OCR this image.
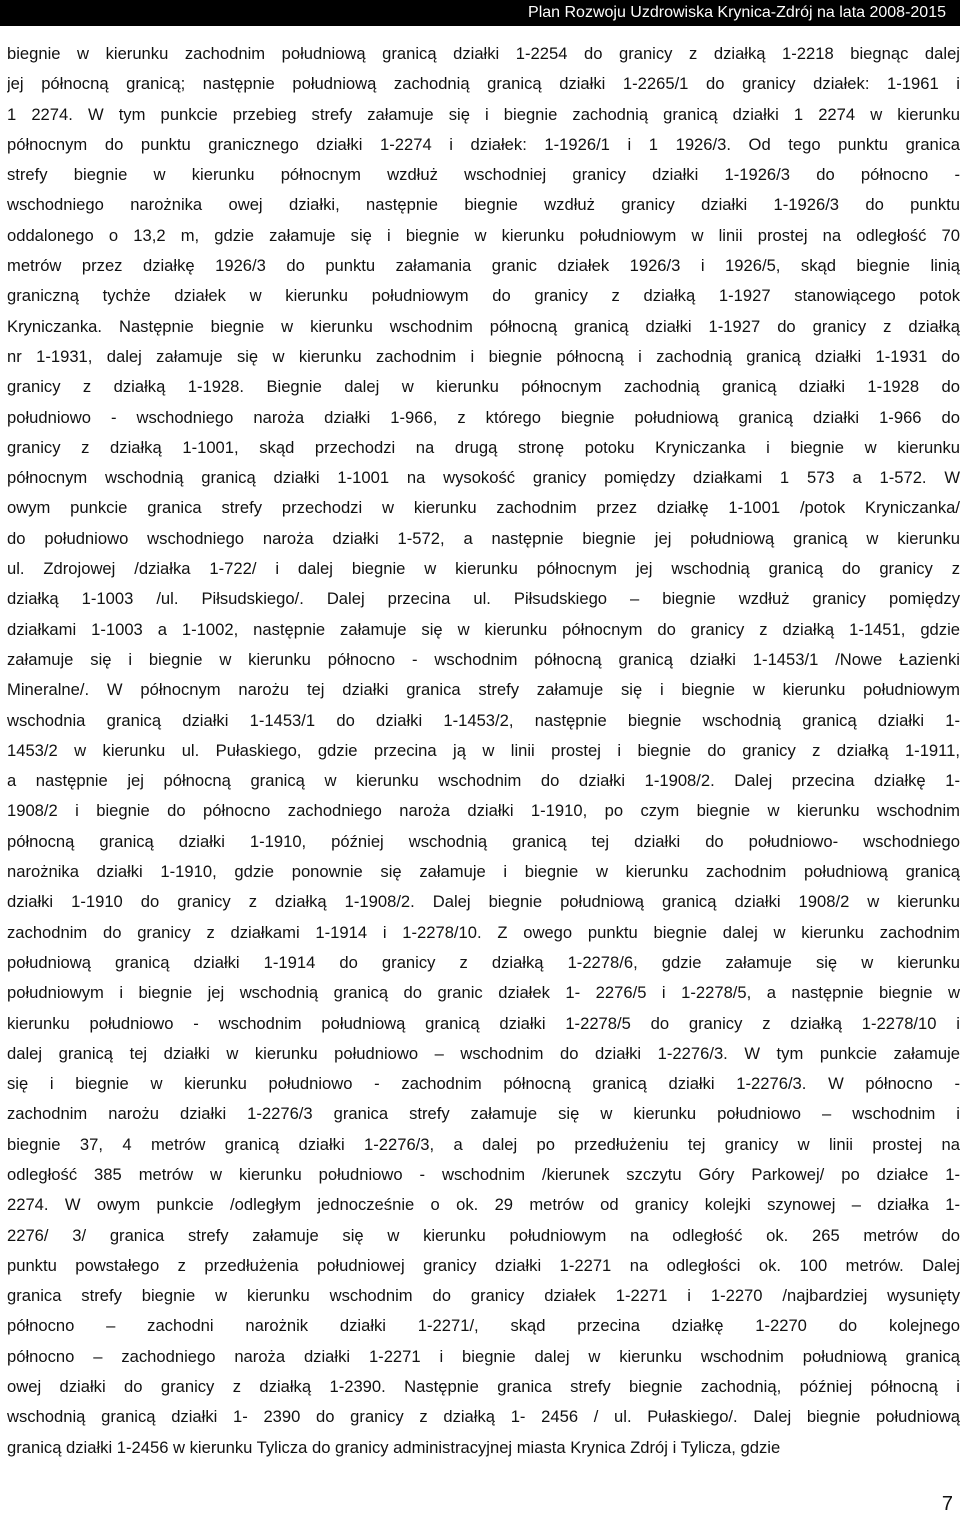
Plan Rozwoju Uzdrowiska Krynica-Zdrój na lata 2008-2015
biegnie w kierunku zachodnim południową granicą działki 1-2254 do granicy z działką 1-2218 biegnąc dalej
jej północną granicą; następnie południową zachodnią granicą działki 1-2265/1 do granicy działek: 1-1961 i
1 2274. W tym punkcie przebieg strefy załamuje się i biegnie zachodnią granicą działki 1 2274 w kierunku
północnym do punktu granicznego działki 1-2274 i działek: 1-1926/1 i 1 1926/3. Od tego punktu granica
strefy biegnie w kierunku północnym wzdłuż wschodniej granicy działki 1-1926/3 do północno -
wschodniego narożnika owej działki, następnie biegnie wzdłuż granicy działki 1-1926/3 do punktu
oddalonego o 13,2 m, gdzie załamuje się i biegnie w kierunku południowym w linii prostej na odległość 70
metrów przez działkę 1926/3 do punktu załamania granic działek 1926/3 i 1926/5, skąd biegnie linią
graniczną tychże działek w kierunku południowym do granicy z działką 1-1927 stanowiącego potok
Kryniczanka. Następnie biegnie w kierunku wschodnim północną granicą działki 1-1927 do granicy z działką
nr 1-1931, dalej załamuje się w kierunku zachodnim i biegnie północną i zachodnią granicą działki 1-1931 do
granicy z działką 1-1928. Biegnie dalej w kierunku północnym zachodnią granicą działki 1-1928 do
południowo - wschodniego naroża działki 1-966, z którego biegnie południową granicą działki 1-966 do
granicy z działką 1-1001, skąd przechodzi na drugą stronę potoku Kryniczanka i biegnie w kierunku
północnym wschodnią granicą działki 1-1001 na wysokość granicy pomiędzy działkami 1 573 a 1-572. W
owym punkcie granica strefy przechodzi w kierunku zachodnim przez działkę 1-1001 /potok Kryniczanka/
do południowo wschodniego naroża działki 1-572, a następnie biegnie jej południową granicą w kierunku
ul. Zdrojowej /działka 1-722/ i dalej biegnie w kierunku północnym jej wschodnią granicą do granicy z
działką 1-1003 /ul. Piłsudskiego/. Dalej przecina ul. Piłsudskiego – biegnie wzdłuż granicy pomiędzy
działkami 1-1003 a 1-1002, następnie załamuje się w kierunku północnym do granicy z działką 1-1451, gdzie
załamuje się i biegnie w kierunku północno - wschodnim północną granicą działki 1-1453/1 /Nowe Łazienki
Mineralne/. W północnym narożu tej działki granica strefy załamuje się i biegnie w kierunku południowym
wschodnia granicą działki 1-1453/1 do działki 1-1453/2, następnie biegnie wschodnią granicą działki 1-
1453/2 w kierunku ul. Pułaskiego, gdzie przecina ją w linii prostej i biegnie do granicy z działką 1-1911,
a następnie jej północną granicą w kierunku wschodnim do działki 1-1908/2. Dalej przecina działkę 1-
1908/2 i biegnie do północno zachodniego naroża działki 1-1910, po czym biegnie w kierunku wschodnim
północną granicą działki 1-1910, później wschodnią granicą tej działki do południowo- wschodniego
narożnika działki 1-1910, gdzie ponownie się załamuje i biegnie w kierunku zachodnim południową granicą
działki 1-1910 do granicy z działką 1-1908/2. Dalej biegnie południową granicą działki 1908/2 w kierunku
zachodnim do granicy z działkami 1-1914 i 1-2278/10. Z owego punktu biegnie dalej w kierunku zachodnim
południową granicą działki 1-1914 do granicy z działką 1-2278/6, gdzie załamuje się w kierunku
południowym i biegnie jej wschodnią granicą do granic działek 1- 2276/5 i 1-2278/5, a następnie biegnie w
kierunku południowo - wschodnim południową granicą działki 1-2278/5 do granicy z działką 1-2278/10 i
dalej granicą tej działki w kierunku południowo – wschodnim do działki 1-2276/3. W tym punkcie załamuje
się i biegnie w kierunku południowo - zachodnim północną granicą działki 1-2276/3. W północno -
zachodnim narożu działki 1-2276/3 granica strefy załamuje się w kierunku południowo – wschodnim i
biegnie 37, 4 metrów granicą działki 1-2276/3, a dalej po przedłużeniu tej granicy w linii prostej na
odległość 385 metrów w kierunku południowo - wschodnim /kierunek szczytu Góry Parkowej/ po działce 1-
2274. W owym punkcie /odległym jednocześnie o ok. 29 metrów od granicy kolejki szynowej – działka 1-
2276/ 3/ granica strefy załamuje się w kierunku południowym na odległość ok. 265 metrów do
punktu powstałego z przedłużenia południowej granicy działki 1-2271 na odległości ok. 100 metrów. Dalej
granica strefy biegnie w kierunku wschodnim do granicy działek 1-2271 i 1-2270 /najbardziej wysunięty
północno – zachodni narożnik działki 1-2271/, skąd przecina działkę 1-2270 do kolejnego
północno – zachodniego naroża działki 1-2271 i biegnie dalej w kierunku wschodnim południową granicą
owej działki do granicy z działką 1-2390. Następnie granica strefy biegnie zachodnią, później północną i
wschodnią granicą działki 1- 2390 do granicy z działką 1- 2456 / ul. Pułaskiego/. Dalej biegnie południową
granicą działki 1-2456 w kierunku Tylicza do granicy administracyjnej miasta Krynica Zdrój i Tylicza, gdzie
7
